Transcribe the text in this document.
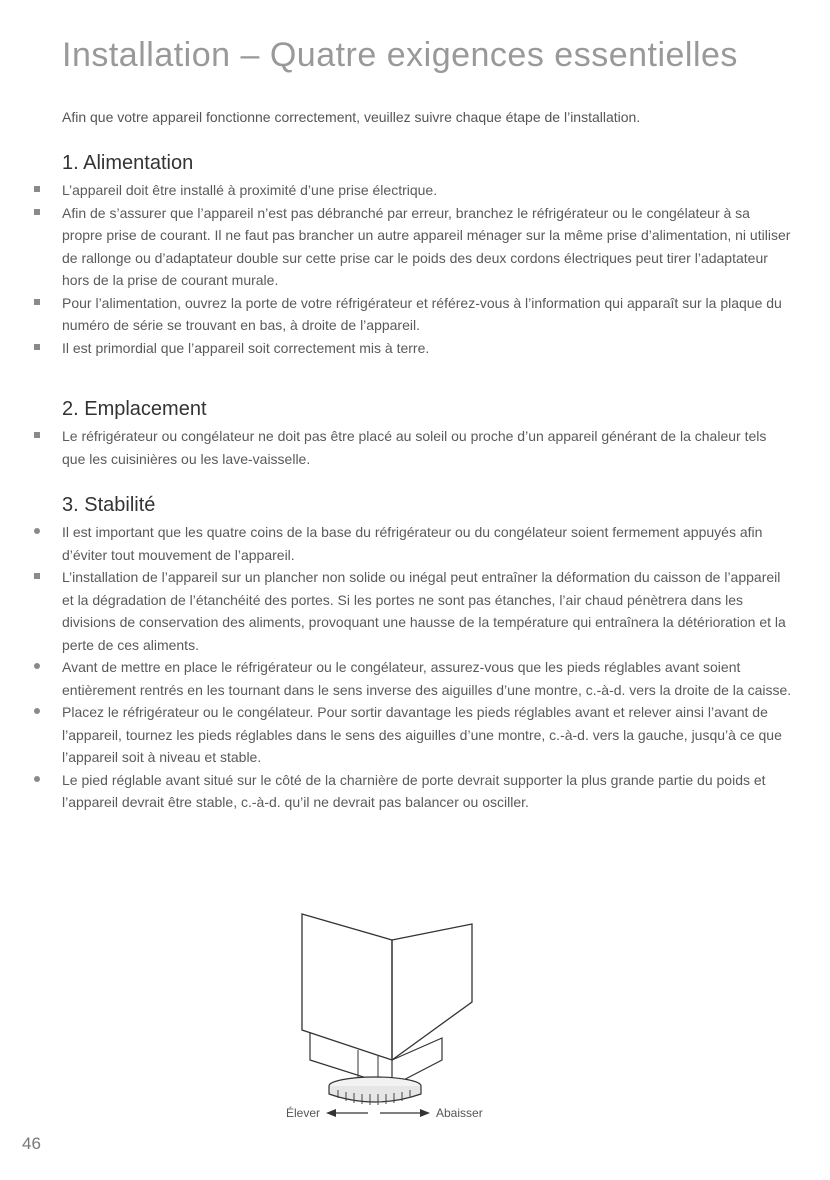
Installation – Quatre exigences essentielles
Afin que votre appareil fonctionne correctement, veuillez suivre chaque étape de l’installation.
1. Alimentation
L’appareil doit être installé à proximité d’une prise électrique.
Afin de s’assurer que l’appareil n’est pas débranché par erreur, branchez le réfrigérateur ou le congélateur à sa propre prise de courant. Il ne faut pas brancher un autre appareil ménager sur la même prise d’alimentation, ni utiliser de rallonge ou d’adaptateur double sur cette prise car le poids des deux cordons électriques peut tirer l’adaptateur hors de la prise de courant murale.
Pour l’alimentation, ouvrez la porte de votre réfrigérateur et référez-vous à l’information qui apparaît sur la plaque du numéro de série se trouvant en bas, à droite de l’appareil.
Il est primordial que l’appareil soit correctement mis à terre.
2. Emplacement
Le réfrigérateur ou congélateur ne doit pas être placé au soleil ou proche d’un appareil générant de la chaleur tels que les cuisinières ou les lave-vaisselle.
3. Stabilité
Il est important que les quatre coins de la base du réfrigérateur ou du congélateur soient fermement appuyés afin d’éviter tout mouvement de l’appareil.
L’installation de l’appareil sur un plancher non solide ou inégal peut entraîner la déformation du caisson de l’appareil et la dégradation de l’étanchéité des portes. Si les portes ne sont pas étanches, l’air chaud pénètrera dans les divisions de conservation des aliments, provoquant une hausse de la température qui entraînera la détérioration et la perte de ces aliments.
Avant de mettre en place le réfrigérateur ou le congélateur, assurez-vous que les pieds réglables avant soient entièrement rentrés en les tournant dans le sens inverse des aiguilles d’une montre, c.-à-d. vers la droite de la caisse.
Placez le réfrigérateur ou le congélateur. Pour sortir davantage les pieds réglables avant et relever ainsi l’avant de l’appareil, tournez les pieds réglables dans le sens des aiguilles d’une montre, c.-à-d. vers la gauche, jusqu’à ce que l’appareil soit à niveau et stable.
Le pied réglable avant situé sur le côté de la charnière de porte devrait supporter la plus grande partie du poids et l’appareil devrait être stable, c.-à-d. qu’il ne devrait pas balancer ou osciller.
Élever	Abaisser
46
